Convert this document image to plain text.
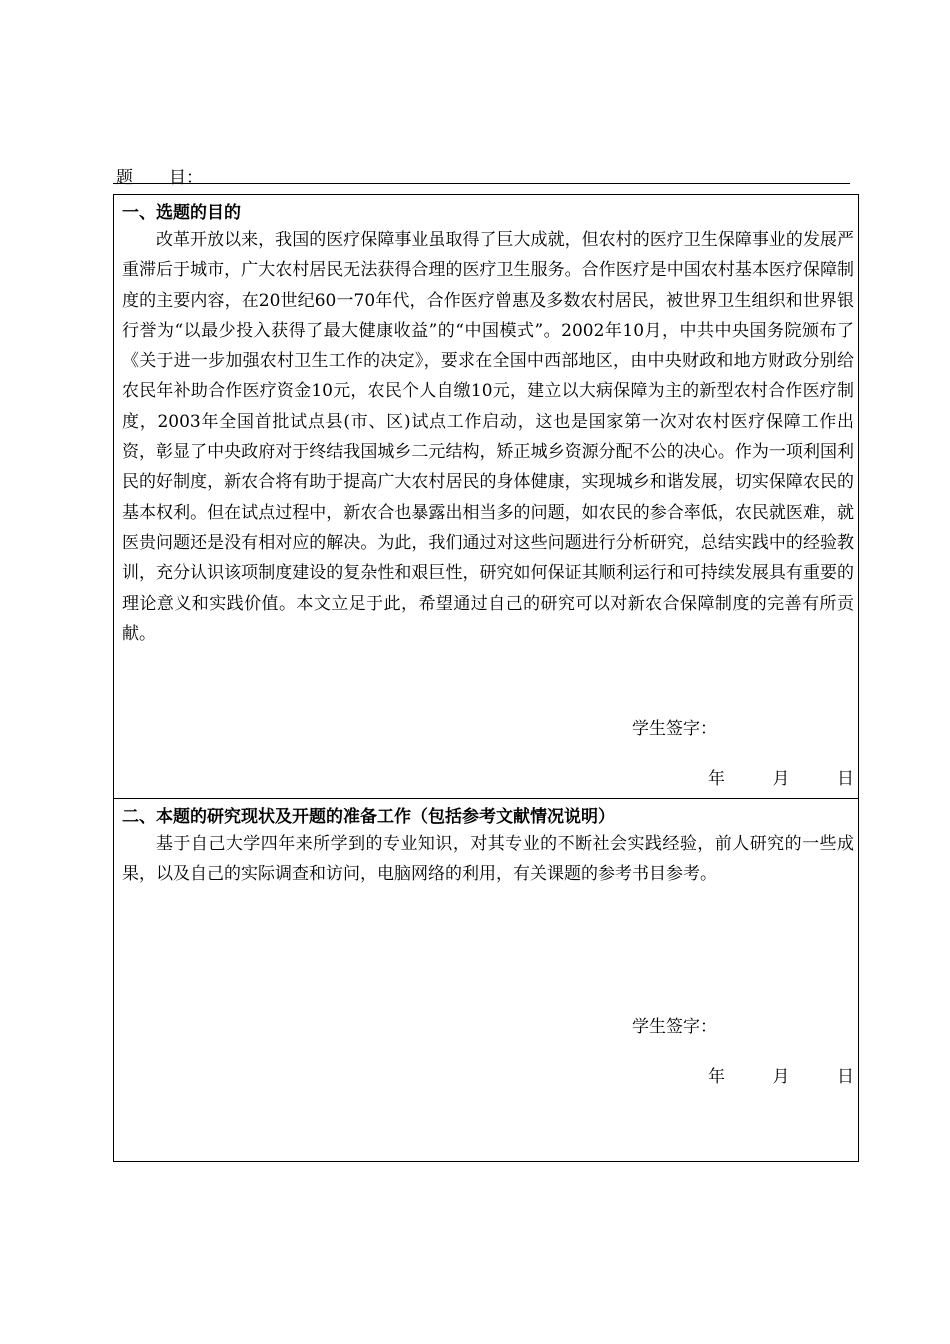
题 目：
一、选题的目的
改革开放以来，我国的医疗保障事业虽取得了巨大成就，但农村的医疗卫生保障事业的发展严重滞后于城市，广大农村居民无法获得合理的医疗卫生服务。合作医疗是中国农村基本医疗保障制度的主要内容，在20世纪60一70年代，合作医疗曾惠及多数农村居民，被世界卫生组织和世界银行誉为“以最少投入获得了最大健康收益”的“中国模式”。2002年10月，中共中央国务院颁布了《关于进一步加强农村卫生工作的决定》，要求在全国中西部地区，由中央财政和地方财政分别给农民年补助合作医疗资金10元，农民个人自缴10元，建立以大病保障为主的新型农村合作医疗制度，2003年全国首批试点县(市、区)试点工作启动，这也是国家第一次对农村医疗保障工作出资，彰显了中央政府对于终结我国城乡二元结构，矫正城乡资源分配不公的决心。作为一项利国利民的好制度，新农合将有助于提高广大农村居民的身体健康，实现城乡和谐发展，切实保障农民的基本权利。但在试点过程中，新农合也暴露出相当多的问题，如农民的参合率低，农民就医难，就医贵问题还是没有相对应的解决。为此，我们通过对这些问题进行分析研究，总结实践中的经验教训，充分认识该项制度建设的复杂性和艰巨性，研究如何保证其顺利运行和可持续发展具有重要的理论意义和实践价值。本文立足于此，希望通过自己的研究可以对新农合保障制度的完善有所贡献。
学生签字：
年	月	日
二、本题的研究现状及开题的准备工作（包括参考文献情况说明）
基于自己大学四年来所学到的专业知识，对其专业的不断社会实践经验，前人研究的一些成果，以及自己的实际调查和访问，电脑网络的利用，有关课题的参考书目参考。
学生签字：
年	月	日
